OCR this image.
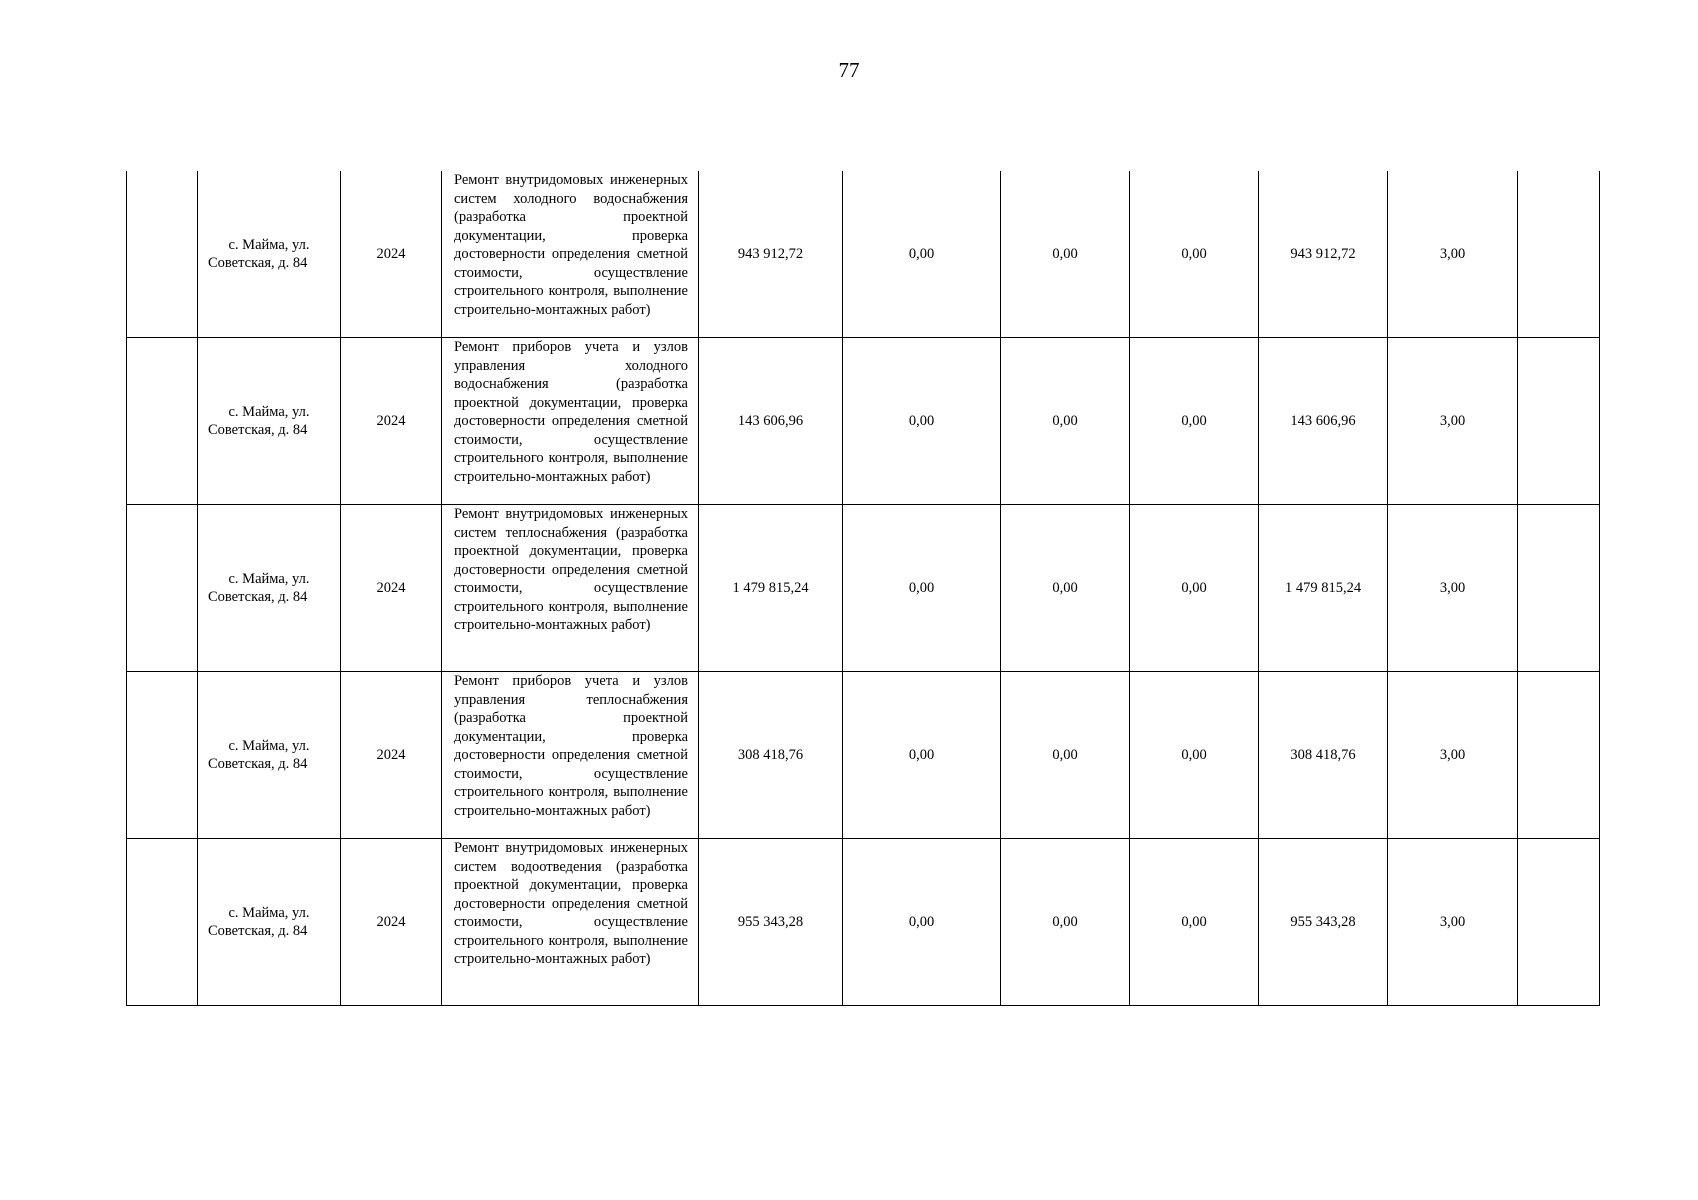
77
	с. Майма, ул. Советская, д. 84	2024	Ремонт внутридомовых инженерных систем холодного водоснабжения (разработка проектной документации, проверка достоверности определения сметной стоимости, осуществление строительного контроля, выполнение строительно-монтажных работ)	943 912,72	0,00	0,00	0,00	943 912,72	3,00	
	с. Майма, ул. Советская, д. 84	2024	Ремонт приборов учета и узлов управления холодного водоснабжения (разработка проектной документации, проверка достоверности определения сметной стоимости, осуществление строительного контроля, выполнение строительно-монтажных работ)	143 606,96	0,00	0,00	0,00	143 606,96	3,00	
	с. Майма, ул. Советская, д. 84	2024	Ремонт внутридомовых инженерных систем теплоснабжения (разработка проектной документации, проверка достоверности определения сметной стоимости, осуществление строительного контроля, выполнение строительно-монтажных работ)	1 479 815,24	0,00	0,00	0,00	1 479 815,24	3,00	
	с. Майма, ул. Советская, д. 84	2024	Ремонт приборов учета и узлов управления теплоснабжения (разработка проектной документации, проверка достоверности определения сметной стоимости, осуществление строительного контроля, выполнение строительно-монтажных работ)	308 418,76	0,00	0,00	0,00	308 418,76	3,00	
	с. Майма, ул. Советская, д. 84	2024	Ремонт внутридомовых инженерных систем водоотведения (разработка проектной документации, проверка достоверности определения сметной стоимости, осуществление строительного контроля, выполнение строительно-монтажных работ)	955 343,28	0,00	0,00	0,00	955 343,28	3,00	
